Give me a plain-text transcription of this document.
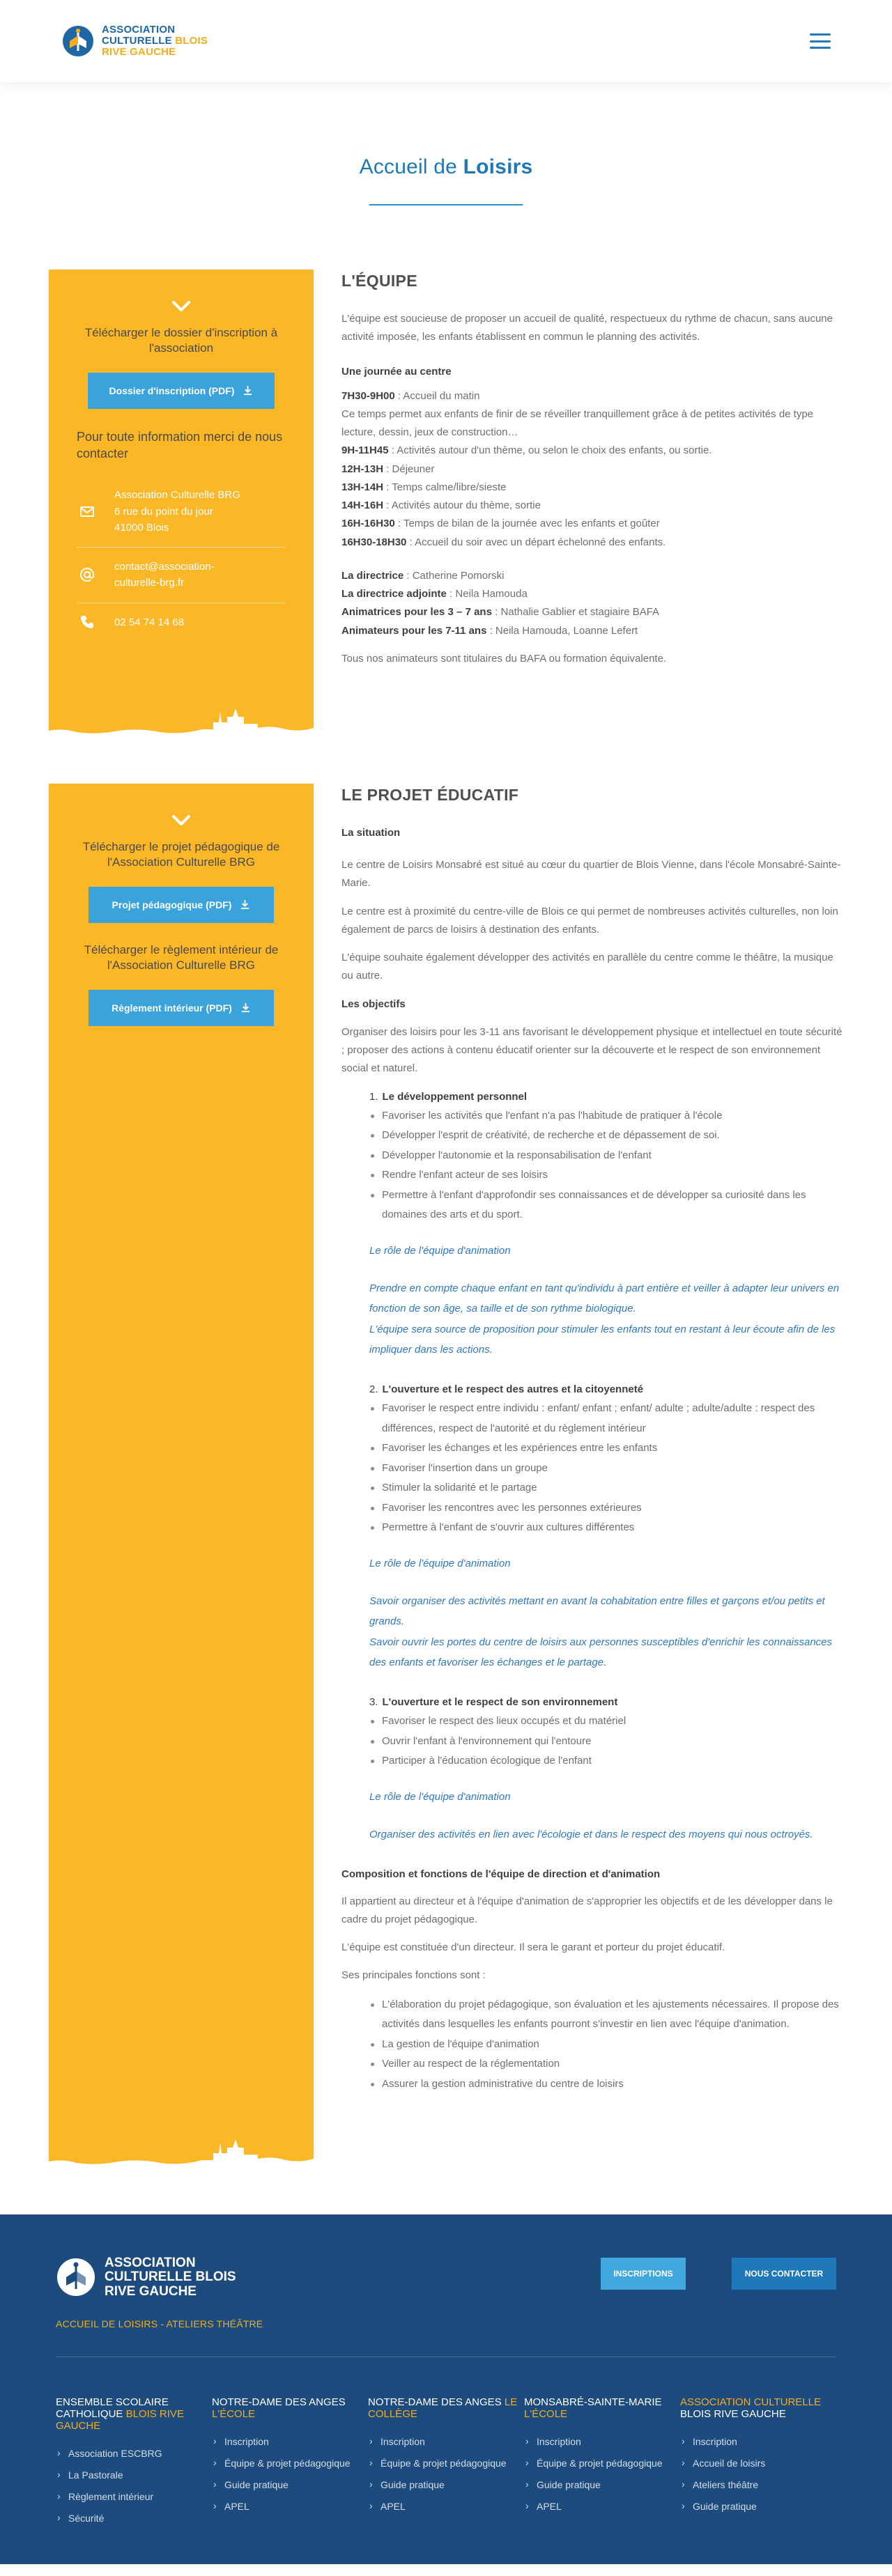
ASSOCIATION
CULTURELLE BLOIS
RIVE GAUCHE
Accueil de Loisirs
Télécharger le dossier d'inscription à l'association
Dossier d'inscription (PDF)
Pour toute information merci de nous contacter
Association Culturelle BRG
6 rue du point du jour
41000 Blois
contact@association-
culturelle-brg.fr
02 54 74 14 68
L'ÉQUIPE

L'équipe est soucieuse de proposer un accueil de qualité, respectueux du rythme de chacun, sans aucune activité imposée, les enfants établissent en commun le planning des activités.

Une journée au centre
7H30-9H00 : Accueil du matin
Ce temps permet aux enfants de finir de se réveiller tranquillement grâce à de petites activités de type lecture, dessin, jeux de construction…
9H-11H45 : Activités autour d'un thème, ou selon le choix des enfants, ou sortie.
12H-13H : Déjeuner
13H-14H : Temps calme/libre/sieste
14H-16H : Activités autour du thème, sortie
16H-16H30 : Temps de bilan de la journée avec les enfants et goûter
16H30-18H30 : Accueil du soir avec un départ échelonné des enfants.
La directrice : Catherine Pomorski
La directrice adjointe : Neila Hamouda
Animatrices pour les 3 – 7 ans : Nathalie Gablier et stagiaire BAFA
Animateurs pour les 7-11 ans : Neila Hamouda, Loanne Lefert

Tous nos animateurs sont titulaires du BAFA ou formation équivalente.

Télécharger le projet pédagogique de l'Association Culturelle BRG
Projet pédagogique (PDF)
Télécharger le règlement intérieur de l'Association Culturelle BRG
Règlement intérieur (PDF)
LE PROJET ÉDUCATIF
La situation

Le centre de Loisirs Monsabré est situé au cœur du quartier de Blois Vienne, dans l'école Monsabré-Sainte-Marie.

Le centre est à proximité du centre-ville de Blois ce qui permet de nombreuses activités culturelles, non loin également de parcs de loisirs à destination des enfants.

L'équipe souhaite également développer des activités en parallèle du centre comme le théâtre, la musique ou autre.

Les objectifs

Organiser des loisirs pour les 3-11 ans favorisant le développement physique et intellectuel en toute sécurité ; proposer des actions à contenu éducatif orienter sur la découverte et le respect de son environnement social et naturel.

1. Le développement personnel
Favoriser les activités que l'enfant n'a pas l'habitude de pratiquer à l'école
Développer l'esprit de créativité, de recherche et de dépassement de soi.
Développer l'autonomie et la responsabilisation de l'enfant
Rendre l'enfant acteur de ses loisirs
Permettre à l'enfant d'approfondir ses connaissances et de développer sa curiosité dans les domaines des arts et du sport.
Le rôle de l'équipe d'animation
Prendre en compte chaque enfant en tant qu'individu à part entière et veiller à adapter leur univers en fonction de son âge, sa taille et de son rythme biologique.
L'équipe sera source de proposition pour stimuler les enfants tout en restant à leur écoute afin de les impliquer dans les actions.
2. L'ouverture et le respect des autres et la citoyenneté
Favoriser le respect entre individu : enfant/ enfant ; enfant/ adulte ; adulte/adulte : respect des différences, respect de l'autorité et du règlement intérieur
Favoriser les échanges et les expériences entre les enfants
Favoriser l'insertion dans un groupe
Stimuler la solidarité et le partage
Favoriser les rencontres avec les personnes extérieures
Permettre à l'enfant de s'ouvrir aux cultures différentes
Le rôle de l'équipe d'animation
Savoir organiser des activités mettant en avant la cohabitation entre filles et garçons et/ou petits et grands.
Savoir ouvrir les portes du centre de loisirs aux personnes susceptibles d'enrichir les connaissances des enfants et favoriser les échanges et le partage.
3. L'ouverture et le respect de son environnement
Favoriser le respect des lieux occupés et du matériel
Ouvrir l'enfant à l'environnement qui l'entoure
Participer à l'éducation écologique de l'enfant
Le rôle de l'équipe d'animation
Organiser des activités en lien avec l'écologie et dans le respect des moyens qui nous octroyés.
Composition et fonctions de l'équipe de direction et d'animation

Il appartient au directeur et à l'équipe d'animation de s'approprier les objectifs et de les développer dans le cadre du projet pédagogique.

L'équipe est constituée d'un directeur. Il sera le garant et porteur du projet éducatif.

Ses principales fonctions sont :

L'élaboration du projet pédagogique, son évaluation et les ajustements nécessaires. Il propose des activités dans lesquelles les enfants pourront s'investir en lien avec l'équipe d'animation.
La gestion de l'équipe d'animation
Veiller au respect de la réglementation
Assurer la gestion administrative du centre de loisirs
ASSOCIATION
CULTURELLE BLOIS
RIVE GAUCHE
ACCUEIL DE LOISIRS - ATELIERS THÉÂTRE
INSCRIPTIONS	NOUS CONTACTER
ENSEMBLE SCOLAIRE CATHOLIQUE BLOIS RIVE GAUCHE
› Association ESCBRG
› La Pastorale
› Règlement intérieur
› Sécurité
NOTRE-DAME DES ANGES L'ÉCOLE
› Inscription
› Équipe & projet pédagogique
› Guide pratique
› APEL
NOTRE-DAME DES ANGES LE COLLÈGE
› Inscription
› Équipe & projet pédagogique
› Guide pratique
› APEL
MONSABRÉ-SAINTE-MARIE L'ÉCOLE
› Inscription
› Équipe & projet pédagogique
› Guide pratique
› APEL
ASSOCIATION CULTURELLE
BLOIS RIVE GAUCHE
› Inscription
› Accueil de loisirs
› Ateliers théâtre
› Guide pratique
